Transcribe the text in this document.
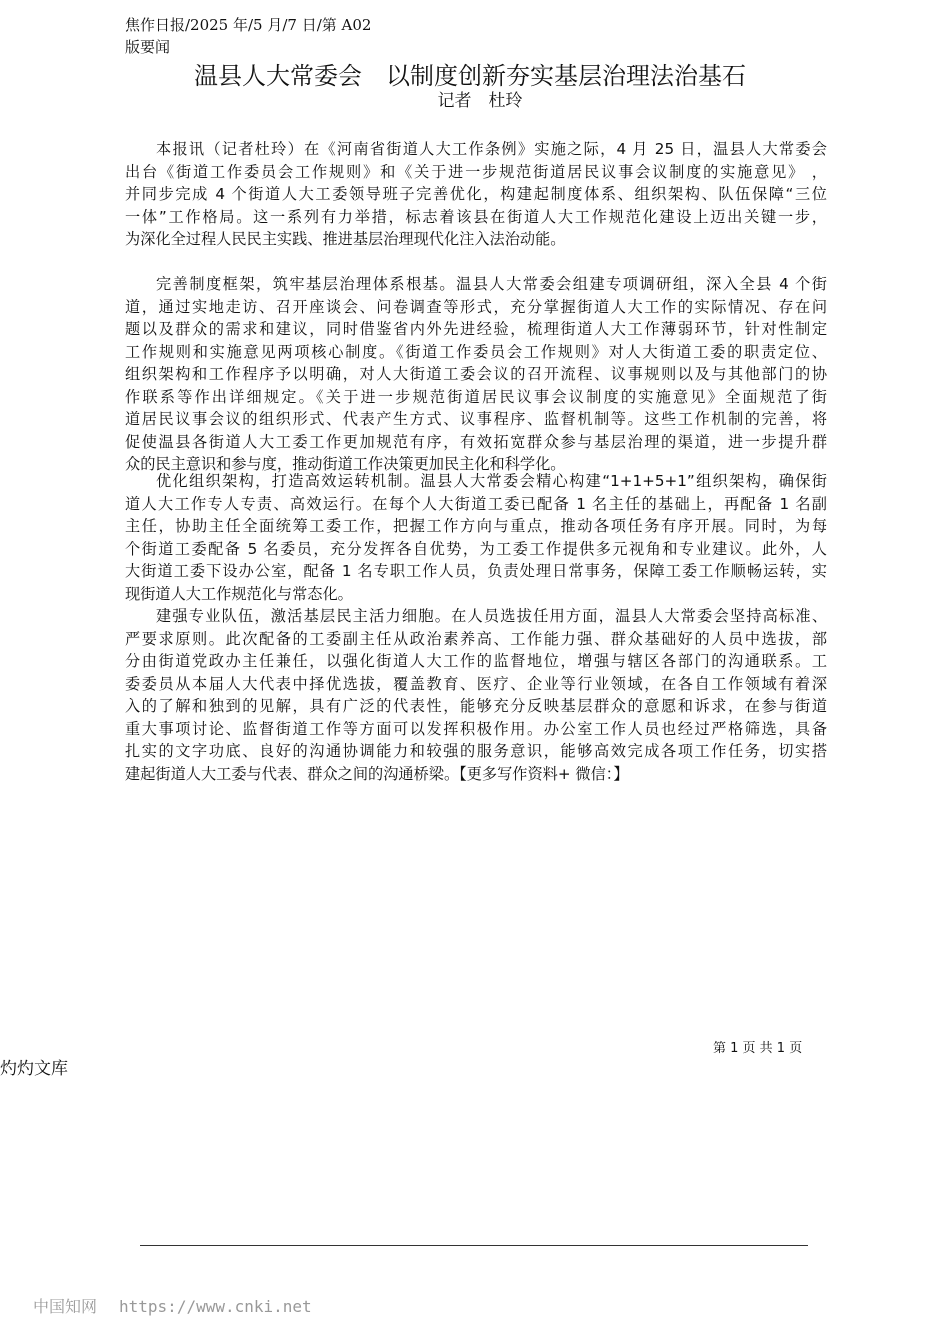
焦作日报/2025 年/5 月/7 日/第 A02
版要闻
温县人大常委会　以制度创新夯实基层治理法治基石
记者　杜玲
本报讯（记者杜玲）在《河南省街道人大工作条例》实施之际，4 月 25 日，温县人大常委会
出台《街道工作委员会工作规则》和《关于进一步规范街道居民议事会议制度的实施意见》 ，
并同步完成 4 个街道人大工委领导班子完善优化，构建起制度体系、组织架构、队伍保障“三位
一体”工作格局。这一系列有力举措，标志着该县在街道人大工作规范化建设上迈出关键一步，
为深化全过程人民民主实践、推进基层治理现代化注入法治动能。
完善制度框架，筑牢基层治理体系根基。温县人大常委会组建专项调研组，深入全县 4 个街
道，通过实地走访、召开座谈会、问卷调查等形式，充分掌握街道人大工作的实际情况、存在问
题以及群众的需求和建议，同时借鉴省内外先进经验，梳理街道人大工作薄弱环节，针对性制定
工作规则和实施意见两项核心制度。《街道工作委员会工作规则》对人大街道工委的职责定位、
组织架构和工作程序予以明确，对人大街道工委会议的召开流程、议事规则以及与其他部门的协
作联系等作出详细规定。《关于进一步规范街道居民议事会议制度的实施意见》全面规范了街
道居民议事会议的组织形式、代表产生方式、议事程序、监督机制等。这些工作机制的完善，将
促使温县各街道人大工委工作更加规范有序，有效拓宽群众参与基层治理的渠道，进一步提升群
众的民主意识和参与度，推动街道工作决策更加民主化和科学化。
优化组织架构，打造高效运转机制。温县人大常委会精心构建“1+1+5+1”组织架构，确保街
道人大工作专人专责、高效运行。在每个人大街道工委已配备 1 名主任的基础上，再配备 1 名副
主任，协助主任全面统筹工委工作，把握工作方向与重点，推动各项任务有序开展。同时，为每
个街道工委配备 5 名委员，充分发挥各自优势，为工委工作提供多元视角和专业建议。此外，人
大街道工委下设办公室，配备 1 名专职工作人员，负责处理日常事务，保障工委工作顺畅运转，实
现街道人大工作规范化与常态化。
建强专业队伍，激活基层民主活力细胞。在人员选拔任用方面，温县人大常委会坚持高标准、
严要求原则。此次配备的工委副主任从政治素养高、工作能力强、群众基础好的人员中选拔，部
分由街道党政办主任兼任，以强化街道人大工作的监督地位，增强与辖区各部门的沟通联系。工
委委员从本届人大代表中择优选拔，覆盖教育、医疗、企业等行业领域，在各自工作领域有着深
入的了解和独到的见解，具有广泛的代表性，能够充分反映基层群众的意愿和诉求，在参与街道
重大事项讨论、监督街道工作等方面可以发挥积极作用。办公室工作人员也经过严格筛选，具备
扎实的文字功底、良好的沟通协调能力和较强的服务意识，能够高效完成各项工作任务，切实搭
建起街道人大工委与代表、群众之间的沟通桥梁。【更多写作资料+ 微信：】
第 1 页 共 1 页
灼灼文库
中国知网 https://www.cnki.net
